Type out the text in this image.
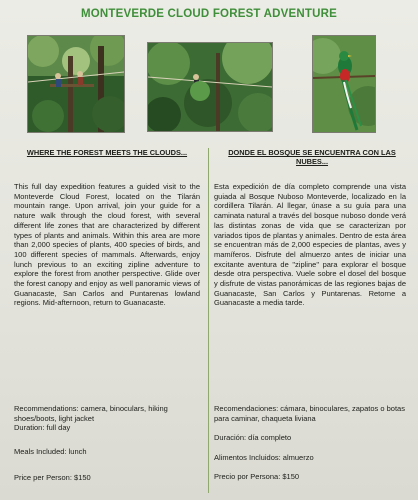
MONTEVERDE CLOUD FOREST ADVENTURE
WHERE THE FOREST MEETS THE CLOUDS...	DONDE EL BOSQUE SE ENCUENTRA CON LAS NUBES...
This full day expedition features a guided visit to the Monteverde Cloud Forest, located on the Tilarán mountain range. Upon arrival, join your guide for a nature walk through the cloud forest, with several different life zones that are characterized by different types of plants and animals. Within this area are more than 2,000 species of plants, 400 species of birds, and 100 different species of mammals. Afterwards, enjoy lunch previous to an exciting zipline adventure to explore the forest from another perspective. Glide over the forest canopy and enjoy as well panoramic views of Guanacaste, San Carlos and Puntarenas lowland regions. Mid-afternoon, return to Guanacaste.
Esta expedición de día completo comprende una vista guiada al Bosque Nuboso Monteverde, localizado en la cordillera Tilarán. Al llegar, únase a su guía para una caminata natural a través del bosque nuboso donde verá las distintas zonas de vida que se caracterizan por variados tipos de plantas y animales. Dentro de esta área se encuentran más de 2,000 especies de plantas, aves y mamíferos. Disfrute del almuerzo antes de iniciar una excitante aventura de "zipline" para explorar el bosque desde otra perspectiva. Vuele sobre el dosel del bosque y disfrute de vistas panorámicas de las regiones bajas de Guanacaste, San Carlos y Puntarenas. Retorne a Guanacaste a media tarde.
Recommendations: camera, binoculars, hiking shoes/boots, light jacket
Duration: full day
Meals Included: lunch
Price per Person: $150
Recomendaciones: cámara, binoculares, zapatos o botas para caminar, chaqueta liviana
Duración: día completo
Alimentos Incluidos: almuerzo
Precio por Persona: $150
